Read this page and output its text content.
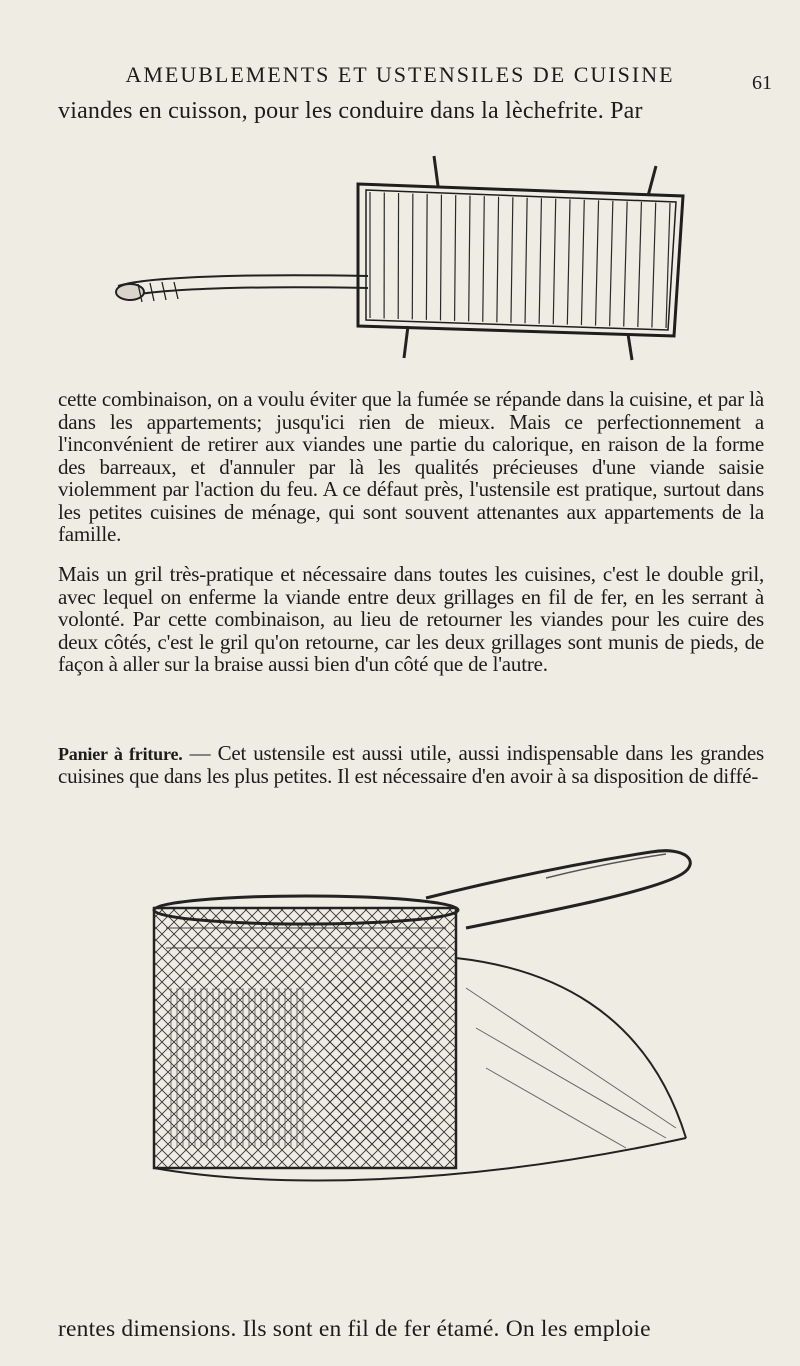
AMEUBLEMENTS ET USTENSILES DE CUISINE	61
viandes en cuisson, pour les conduire dans la lèchefrite. Par
cette combinaison, on a voulu éviter que la fumée se répande dans la cuisine, et par là dans les appartements; jusqu'ici rien de mieux. Mais ce perfectionnement a l'inconvénient de retirer aux viandes une partie du calorique, en raison de la forme des barreaux, et d'annuler par là les qualités précieuses d'une viande saisie violemment par l'action du feu. A ce défaut près, l'ustensile est pratique, surtout dans les petites cuisines de ménage, qui sont souvent attenantes aux appartements de la famille.
Mais un gril très-pratique et nécessaire dans toutes les cuisines, c'est le double gril, avec lequel on enferme la viande entre deux grillages en fil de fer, en les serrant à volonté. Par cette combinaison, au lieu de retourner les viandes pour les cuire des deux côtés, c'est le gril qu'on retourne, car les deux grillages sont munis de pieds, de façon à aller sur la braise aussi bien d'un côté que de l'autre.
Panier à friture. — Cet ustensile est aussi utile, aussi indispensable dans les grandes cuisines que dans les plus petites. Il est nécessaire d'en avoir à sa disposition de diffé-
rentes dimensions. Ils sont en fil de fer étamé. On les emploie
